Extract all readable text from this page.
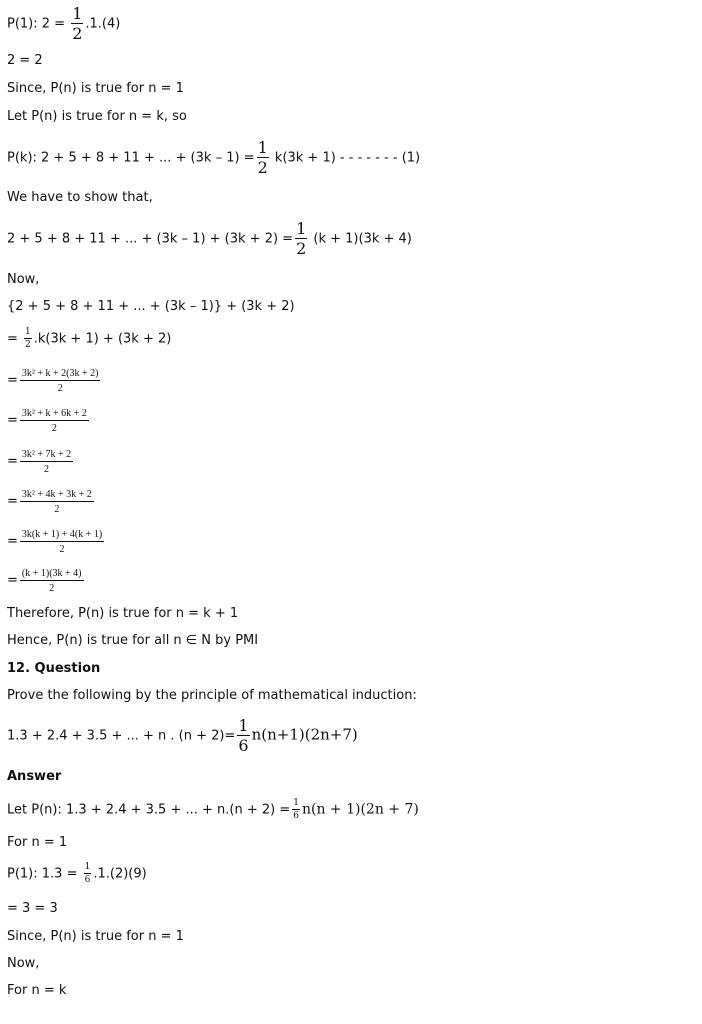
P(1): $2 = \frac{1}{2} .1.(4)$
2 = 2
Since, P(n) is true for n = 1
Let P(n) is true for n = k, so
P(k): 2 + 5 + 8 + 11 + ... + $(3k - 1) = \frac{1}{2} k(3k + 1)$ - - - - - - - (1)
We have to show that,
2 + 5 + 8 + 11 + ... + $(3k - 1) + (3k + 2) = \frac{1}{2} (k + 1)(3k + 4)$
Now,
{2 + 5 + 8 + 11 + ... + (3k – 1)} + (3k + 2)
= $\frac{1}{2} .k(3k + 1) + (3k + 2)$
= $\frac{\text{3k² + k + 2(3k + 2)}}{2}$
= $\frac{\text{3k² + k + 6k + 2}}{2}$
= $\frac{\text{3k² + 7k + 2}}{2}$
= $\frac{\text{3k² + 4k + 3k + 2}}{2}$
= $\frac{3k(k + 1) + 4(k + 1)}{2}$
= $\frac{(k + 1)(3k + 4)}{2}$
Therefore, P(n) is true for n = k + 1
Hence, P(n) is true for all n ∈ N by PMI
12. Question
Prove the following by the principle of mathematical induction:
1.3 + 2.4 + 3.5 + ... + n . $(n + 2)= \frac{1}{6} n(n+1)(2n+7)$
Answer
Let P(n): 1.3 + 2.4 + 3.5 + ... + $n.(n + 2) = \frac{1}{6} n(n + 1)(2n + 7)$
For n = 1
P(1): $1.3 = \frac{1}{6} .1.(2)(9)$
= 3 = 3
Since, P(n) is true for n = 1
Now,
For n = k
